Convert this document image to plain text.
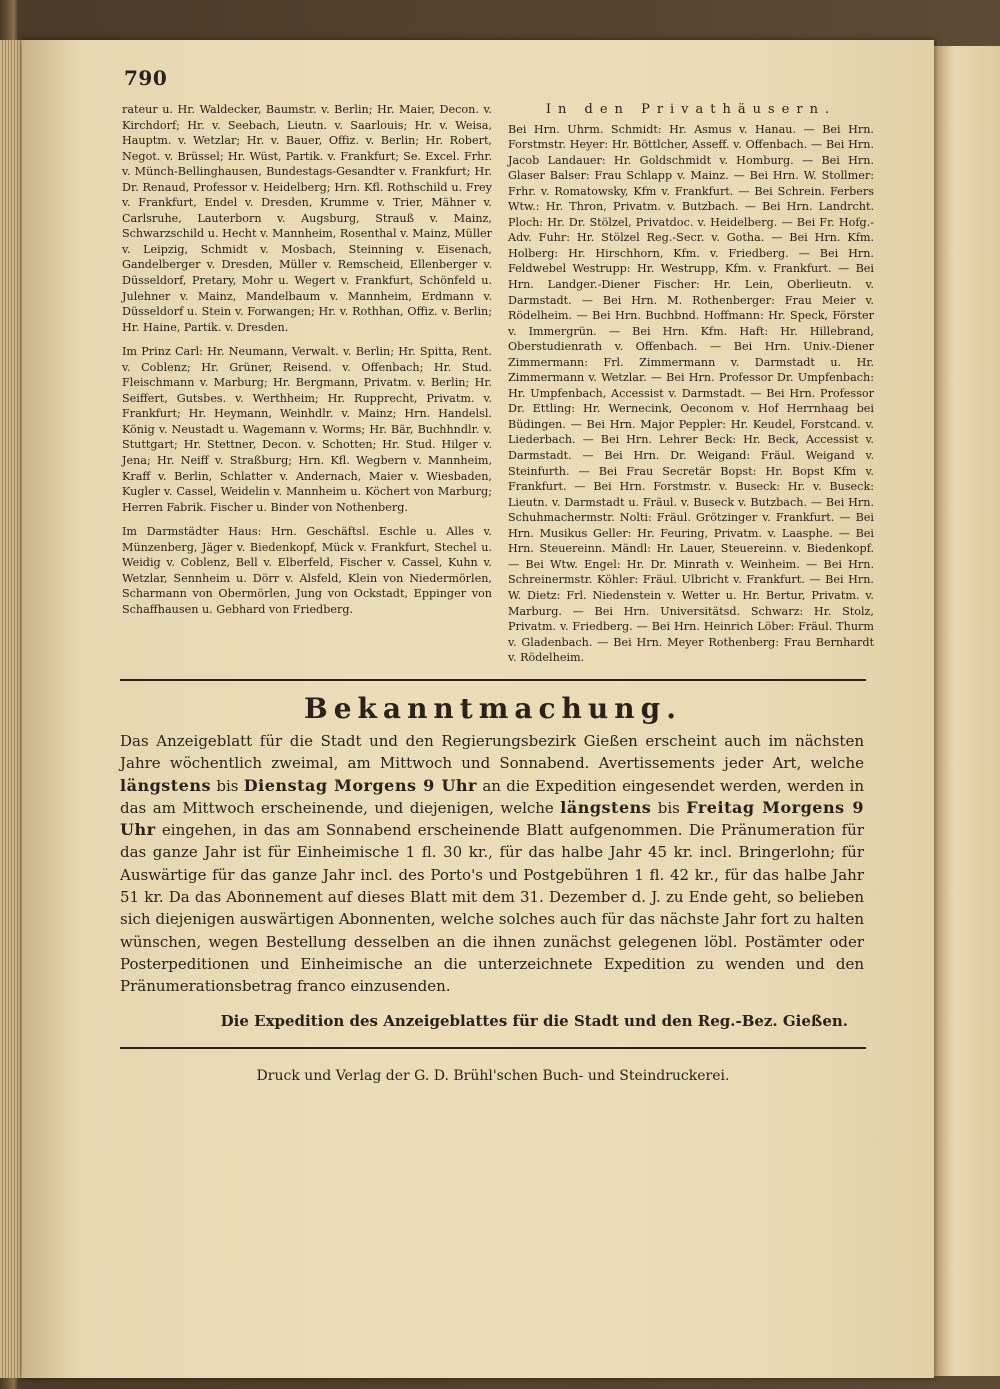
790

rateur u. Hr. Waldecker, Baumstr. v. Berlin; Hr. Maier, Decon. v. Kirchdorf; Hr. v. Seebach, Lieutn. v. Saarlouis; Hr. v. Weisa, Hauptm. v. Wetzlar; Hr. v. Bauer, Offiz. v. Berlin; Hr. Robert, Negot. v. Brüssel; Hr. Wüst, Partik. v. Frankfurt; Se. Excel. Frhr. v. Münch-Bellinghausen, Bundestags-Gesandter v. Frankfurt; Hr. Dr. Renaud, Professor v. Heidelberg; Hrn. Kfl. Rothschild u. Frey v. Frankfurt, Endel v. Dresden, Krumme v. Trier, Mähner v. Carlsruhe, Lauterborn v. Augsburg, Strauß v. Mainz, Schwarzschild u. Hecht v. Mannheim, Rosenthal v. Mainz, Müller v. Leipzig, Schmidt v. Mosbach, Steinning v. Eisenach, Gandelberger v. Dresden, Müller v. Remscheid, Ellenberger v. Düsseldorf, Pretary, Mohr u. Wegert v. Frankfurt, Schönfeld u. Julehner v. Mainz, Mandelbaum v. Mannheim, Erdmann v. Düsseldorf u. Stein v. Forwangen; Hr. v. Rothhan, Offiz. v. Berlin; Hr. Haine, Partik. v. Dresden.

Im Prinz Carl: Hr. Neumann, Verwalt. v. Berlin; Hr. Spitta, Rent. v. Coblenz; Hr. Grüner, Reisend. v. Offenbach; Hr. Stud. Fleischmann v. Marburg; Hr. Bergmann, Privatm. v. Berlin; Hr. Seiffert, Gutsbes. v. Werthheim; Hr. Rupprecht, Privatm. v. Frankfurt; Hr. Heymann, Weinhdlr. v. Mainz; Hrn. Handelsl. König v. Neustadt u. Wagemann v. Worms; Hr. Bär, Buchhndlr. v. Stuttgart; Hr. Stettner, Decon. v. Schotten; Hr. Stud. Hilger v. Jena; Hr. Neiff v. Straßburg; Hrn. Kfl. Wegbern v. Mannheim, Kraff v. Berlin, Schlatter v. Andernach, Maier v. Wiesbaden, Kugler v. Cassel, Weidelin v. Mannheim u. Köchert von Marburg; Herren Fabrik. Fischer u. Binder von Nothenberg.

Im Darmstädter Haus: Hrn. Geschäftsl. Eschle u. Alles v. Münzenberg, Jäger v. Biedenkopf, Mück v. Frankfurt, Stechel u. Weidig v. Coblenz, Bell v. Elberfeld, Fischer v. Cassel, Kuhn v. Wetzlar, Sennheim u. Dörr v. Alsfeld, Klein von Niedermörlen, Scharmann von Obermörlen, Jung von Ockstadt, Eppinger von Schaffhausen u. Gebhard von Friedberg.

In den Privathäusern.

Bei Hrn. Uhrm. Schmidt: Hr. Asmus v. Hanau. — Bei Hrn. Forstmstr. Heyer: Hr. Böttlcher, Asseff. v. Offenbach. — Bei Hrn. Jacob Landauer: Hr. Goldschmidt v. Homburg. — Bei Hrn. Glaser Balser: Frau Schlapp v. Mainz. — Bei Hrn. W. Stollmer: Frhr. v. Romatowsky, Kfm v. Frankfurt. — Bei Schrein. Ferbers Wtw.: Hr. Thron, Privatm. v. Butzbach. — Bei Hrn. Landrcht. Ploch: Hr. Dr. Stölzel, Privatdoc. v. Heidelberg. — Bei Fr. Hofg.-Adv. Fuhr: Hr. Stölzel Reg.-Secr. v. Gotha. — Bei Hrn. Kfm. Holberg: Hr. Hirschhorn, Kfm. v. Friedberg. — Bei Hrn. Feldwebel Westrupp: Hr. Westrupp, Kfm. v. Frankfurt. — Bei Hrn. Landger.-Diener Fischer: Hr. Lein, Oberlieutn. v. Darmstadt. — Bei Hrn. M. Rothenberger: Frau Meier v. Rödelheim. — Bei Hrn. Buchbnd. Hoffmann: Hr. Speck, Förster v. Immergrün. — Bei Hrn. Kfm. Haft: Hr. Hillebrand, Oberstudienrath v. Offenbach. — Bei Hrn. Univ.-Diener Zimmermann: Frl. Zimmermann v. Darmstadt u. Hr. Zimmermann v. Wetzlar. — Bei Hrn. Professor Dr. Umpfenbach: Hr. Umpfenbach, Accessist v. Darmstadt. — Bei Hrn. Professor Dr. Ettling: Hr. Wernecink, Oeconom v. Hof Herrnhaag bei Büdingen. — Bei Hrn. Major Peppler: Hr. Keudel, Forstcand. v. Liederbach. — Bei Hrn. Lehrer Beck: Hr. Beck, Accessist v. Darmstadt. — Bei Hrn. Dr. Weigand: Fräul. Weigand v. Steinfurth. — Bei Frau Secretär Bopst: Hr. Bopst Kfm v. Frankfurt. — Bei Hrn. Forstmstr. v. Buseck: Hr. v. Buseck: Lieutn. v. Darmstadt u. Fräul. v. Buseck v. Butzbach. — Bei Hrn. Schuhmachermstr. Nolti: Fräul. Grötzinger v. Frankfurt. — Bei Hrn. Musikus Geller: Hr. Feuring, Privatm. v. Laasphe. — Bei Hrn. Steuereinn. Mändl: Hr. Lauer, Steuereinn. v. Biedenkopf. — Bei Wtw. Engel: Hr. Dr. Minrath v. Weinheim. — Bei Hrn. Schreinermstr. Köhler: Fräul. Ulbricht v. Frankfurt. — Bei Hrn. W. Dietz: Frl. Niedenstein v. Wetter u. Hr. Bertur, Privatm. v. Marburg. — Bei Hrn. Universitätsd. Schwarz: Hr. Stolz, Privatm. v. Friedberg. — Bei Hrn. Heinrich Löber: Fräul. Thurm v. Gladenbach. — Bei Hrn. Meyer Rothenberg: Frau Bernhardt v. Rödelheim.

Bekanntmachung.
Das Anzeigeblatt für die Stadt und den Regierungsbezirk Gießen erscheint auch im nächsten Jahre wöchentlich zweimal, am Mittwoch und Sonnabend. Avertissements jeder Art, welche längstens bis Dienstag Morgens 9 Uhr an die Expedition eingesendet werden, werden in das am Mittwoch erscheinende, und diejenigen, welche längstens bis Freitag Morgens 9 Uhr eingehen, in das am Sonnabend erscheinende Blatt aufgenommen. Die Pränumeration für das ganze Jahr ist für Einheimische 1 fl. 30 kr., für das halbe Jahr 45 kr. incl. Bringerlohn; für Auswärtige für das ganze Jahr incl. des Porto's und Postgebühren 1 fl. 42 kr., für das halbe Jahr 51 kr. Da das Abonnement auf dieses Blatt mit dem 31. Dezember d. J. zu Ende geht, so belieben sich diejenigen auswärtigen Abonnenten, welche solches auch für das nächste Jahr fort zu halten wünschen, wegen Bestellung desselben an die ihnen zunächst gelegenen löbl. Postämter oder Posterpeditionen und Einheimische an die unterzeichnete Expedition zu wenden und den Pränumerationsbetrag franco einzusenden.
Die Expedition des Anzeigeblattes für die Stadt und den Reg.-Bez. Gießen.
Druck und Verlag der G. D. Brühl'schen Buch- und Steindruckerei.
